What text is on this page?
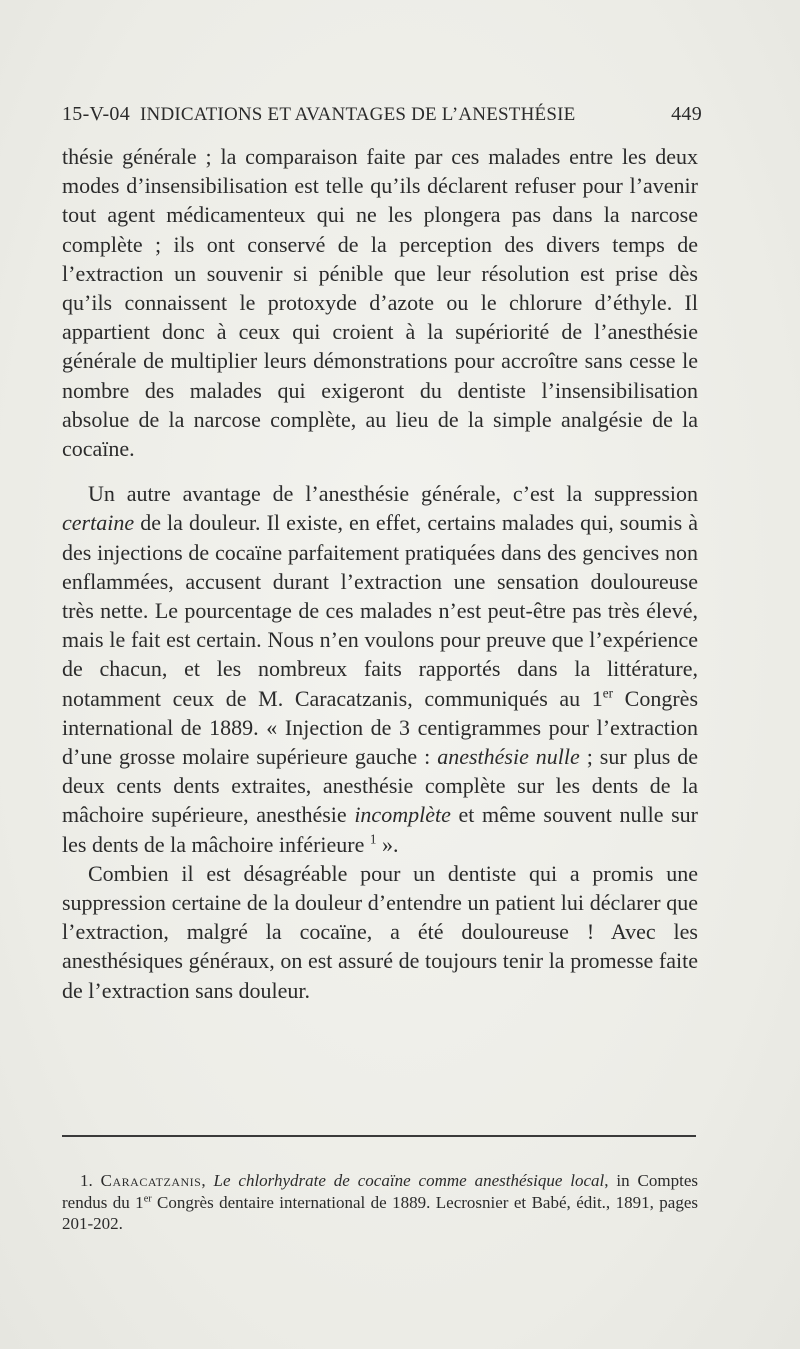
15-V-04 INDICATIONS ET AVANTAGES DE L’ANESTHÉSIE	449

thésie générale ; la comparaison faite par ces malades entre les deux modes d’insensibilisation est telle qu’ils déclarent refuser pour l’avenir tout agent médicamenteux qui ne les plongera pas dans la narcose complète ; ils ont conservé de la perception des divers temps de l’extraction un souvenir si pénible que leur résolution est prise dès qu’ils connaissent le protoxyde d’azote ou le chlorure d’éthyle. Il appartient donc à ceux qui croient à la supériorité de l’anesthésie générale de multiplier leurs démonstrations pour accroître sans cesse le nombre des malades qui exigeront du dentiste l’insensibilisation absolue de la narcose complète, au lieu de la simple analgésie de la cocaïne.

Un autre avantage de l’anesthésie générale, c’est la suppression certaine de la douleur. Il existe, en effet, certains malades qui, soumis à des injections de cocaïne parfaitement pratiquées dans des gencives non enflammées, accusent durant l’extraction une sensation douloureuse très nette. Le pourcentage de ces malades n’est peut-être pas très élevé, mais le fait est certain. Nous n’en voulons pour preuve que l’expérience de chacun, et les nombreux faits rapportés dans la littérature, notamment ceux de M. Caracatzanis, communiqués au 1er Congrès international de 1889. « Injection de 3 centigrammes pour l’extraction d’une grosse molaire supérieure gauche : anesthésie nulle ; sur plus de deux cents dents extraites, anesthésie complète sur les dents de la mâchoire supérieure, anesthésie incomplète et même souvent nulle sur les dents de la mâchoire inférieure $^1$ ».

Combien il est désagréable pour un dentiste qui a promis une suppression certaine de la douleur d’entendre un patient lui déclarer que l’extraction, malgré la cocaïne, a été douloureuse ! Avec les anesthésiques généraux, on est assuré de toujours tenir la promesse faite de l’extraction sans douleur.

1. Caracatzanis, Le chlorhydrate de cocaïne comme anesthésique local, in Comptes rendus du 1er Congrès dentaire international de 1889. Lecrosnier et Babé, édit., 1891, pages 201-202.
